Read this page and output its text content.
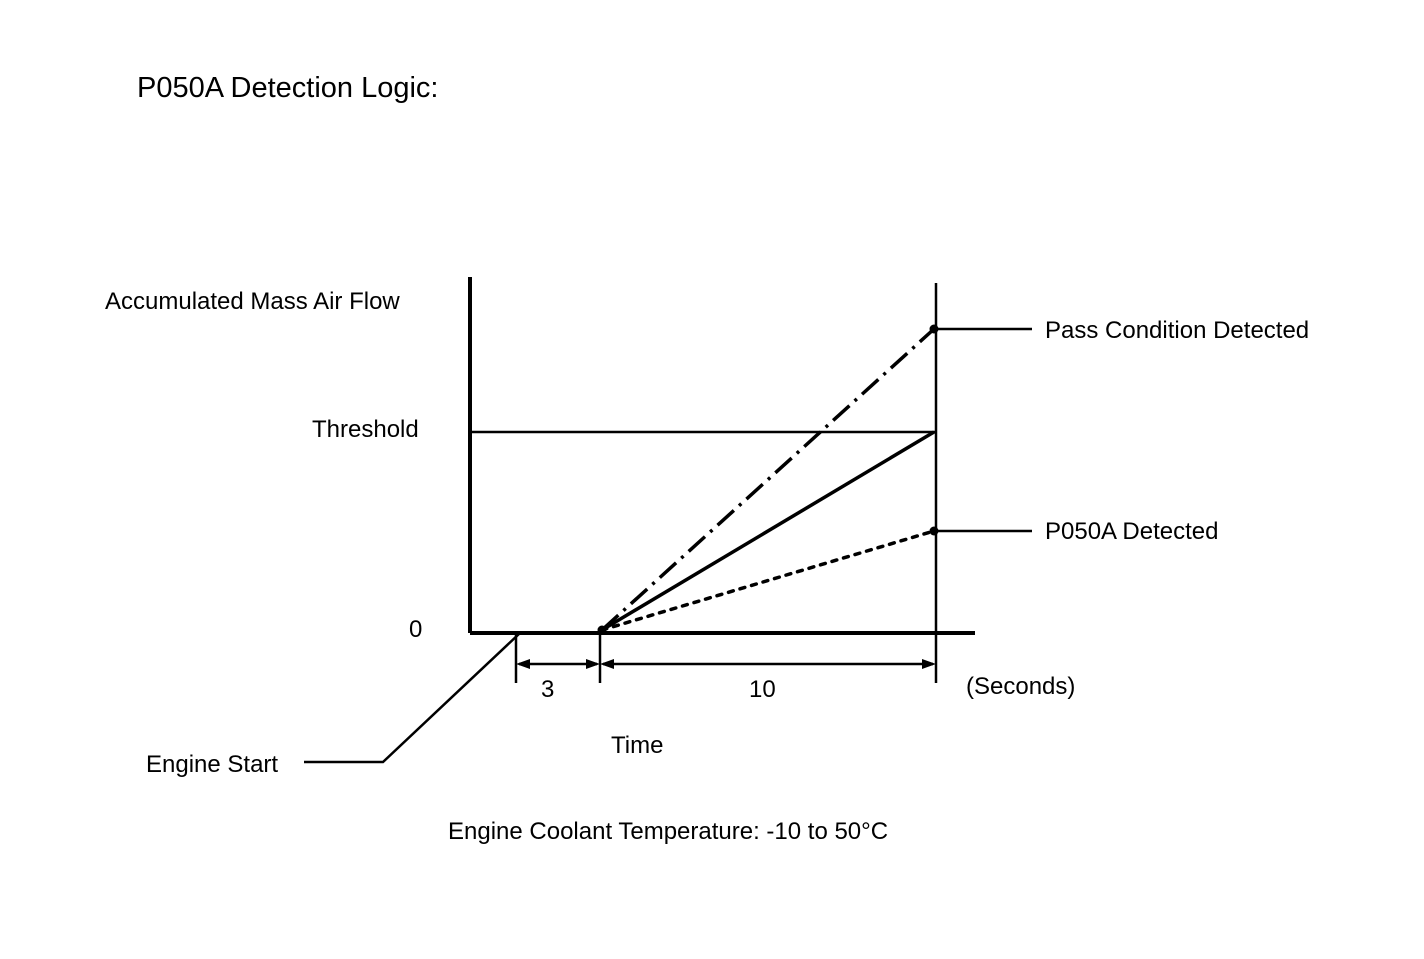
P050A Detection Logic:
Accumulated Mass Air Flow
Threshold
0
Pass Condition Detected
P050A Detected
3	10	(Seconds)
Time
Engine Start
Engine Coolant Temperature: -10 to 50°C
